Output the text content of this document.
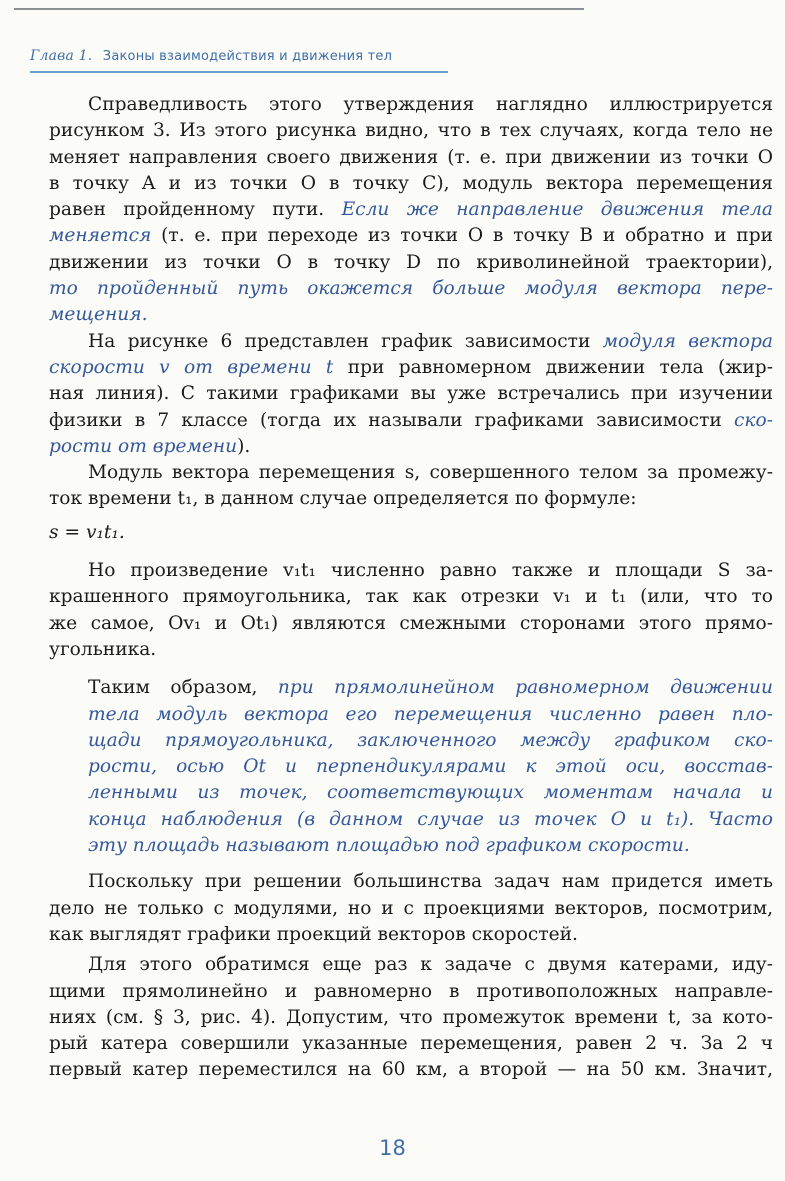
Глава 1. Законы взаимодействия и движения тел
Справедливость этого утверждения наглядно иллюстрируется
рисунком 3. Из этого рисунка видно, что в тех случаях, когда тело не
меняет направления своего движения (т. е. при движении из точки O
в точку A и из точки O в точку C), модуль вектора перемещения
равен пройденному пути. Если же направление движения тела
меняется (т. е. при переходе из точки O в точку B и обратно и при
движении из точки O в точку D по криволинейной траектории),
то пройденный путь окажется больше модуля вектора пере-
мещения.
На рисунке 6 представлен график зависимости модуля вектора
скорости v от времени t при равномерном движении тела (жир-
ная линия). С такими графиками вы уже встречались при изучении
физики в 7 классе (тогда их называли графиками зависимости ско-
рости от времени).
Модуль вектора перемещения s, совершенного телом за промежу-
ток времени t₁, в данном случае определяется по формуле:
s = v₁t₁.
Но произведение v₁t₁ численно равно также и площади S за-
крашенного прямоугольника, так как отрезки v₁ и t₁ (или, что то
же самое, Ov₁ и Ot₁) являются смежными сторонами этого прямо-
угольника.
Таким образом, при прямолинейном равномерном движении
тела модуль вектора его перемещения численно равен пло-
щади прямоугольника, заключенного между графиком ско-
рости, осью Ot и перпендикулярами к этой оси, восстав-
ленными из точек, соответствующих моментам начала и
конца наблюдения (в данном случае из точек O и t₁). Часто
эту площадь называют площадью под графиком скорости.
Поскольку при решении большинства задач нам придется иметь
дело не только с модулями, но и с проекциями векторов, посмотрим,
как выглядят графики проекций векторов скоростей.
Для этого обратимся еще раз к задаче с двумя катерами, иду-
щими прямолинейно и равномерно в противоположных направле-
ниях (см. § 3, рис. 4). Допустим, что промежуток времени t, за кото-
рый катера совершили указанные перемещения, равен 2 ч. За 2 ч
первый катер переместился на 60 км, а второй — на 50 км. Значит,
18
